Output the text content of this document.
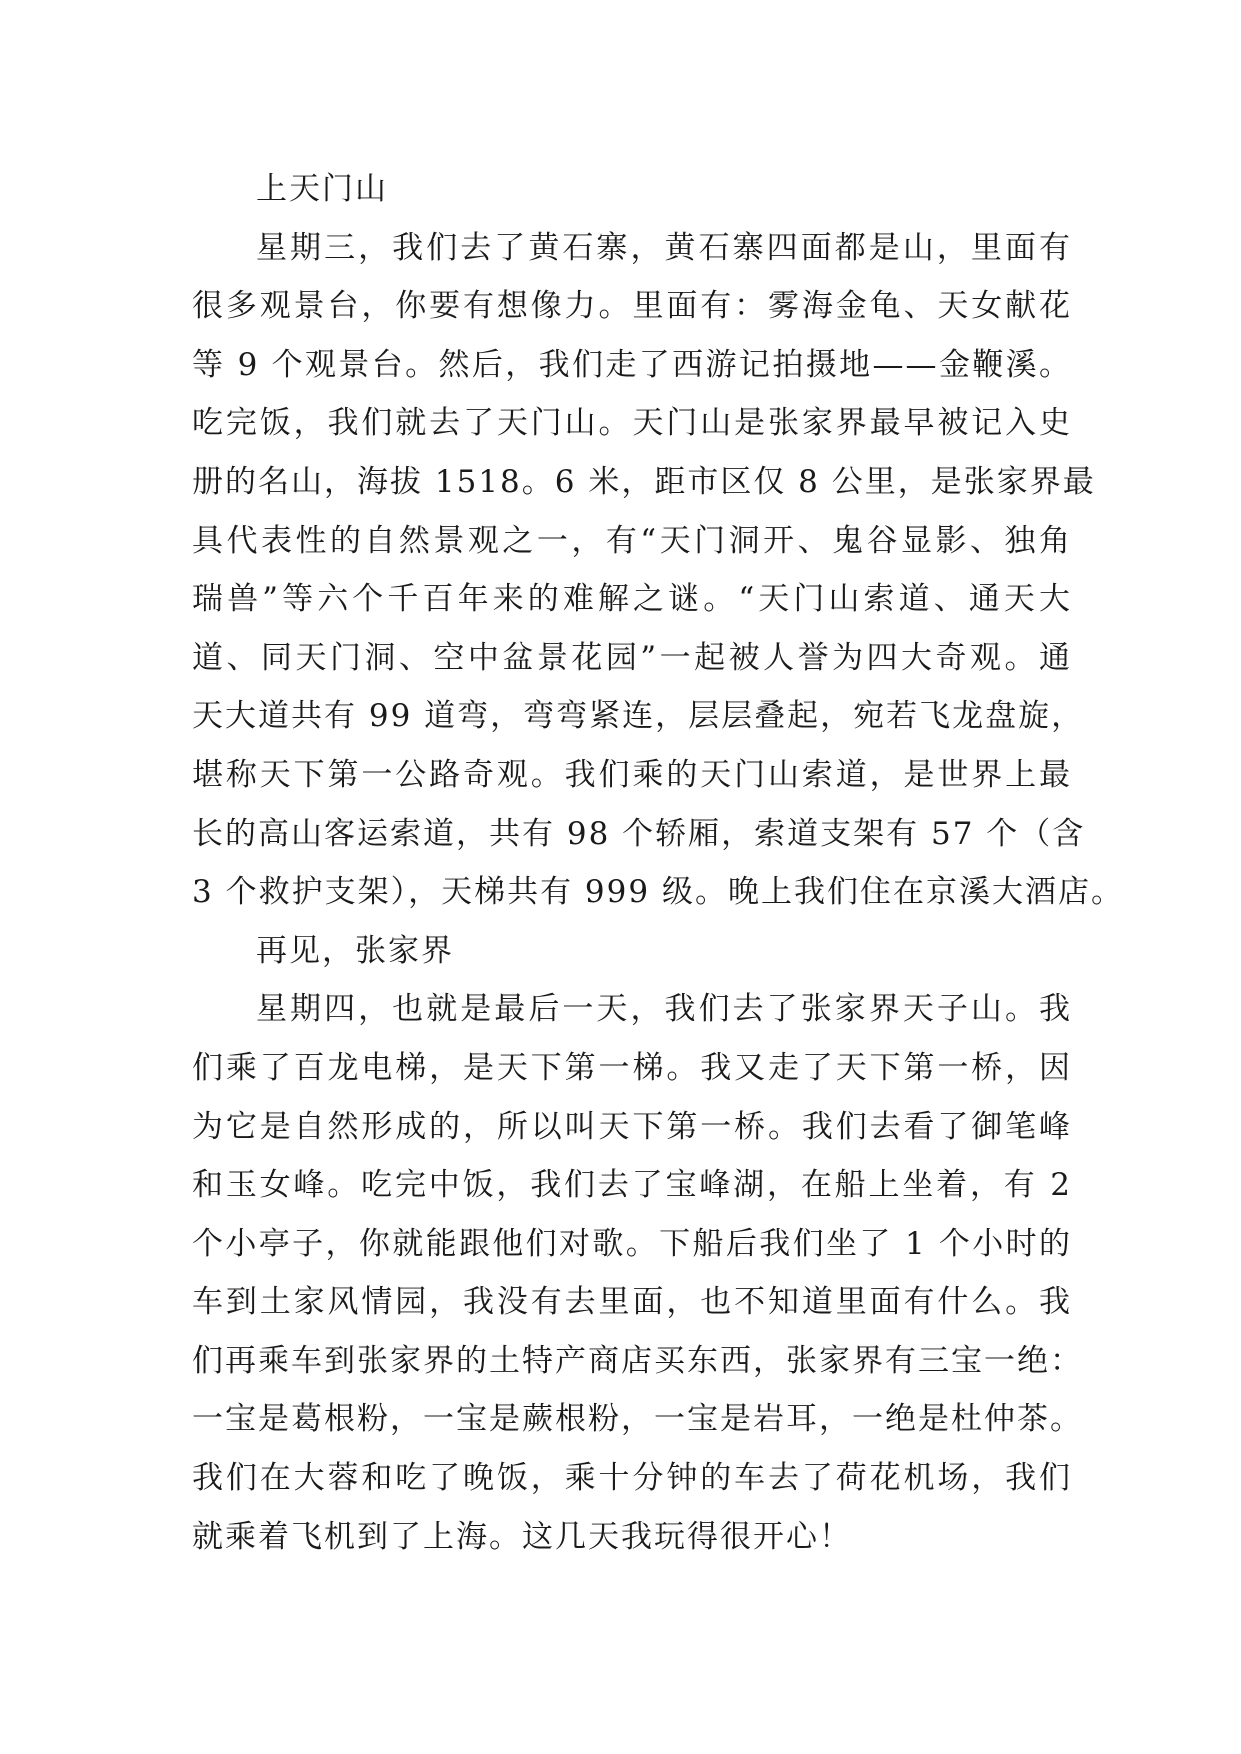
上天门山
星期三，我们去了黄石寨，黄石寨四面都是山，里面有
很多观景台，你要有想像力。里面有：雾海金龟、天女献花
等 9 个观景台。然后，我们走了西游记拍摄地——金鞭溪。
吃完饭，我们就去了天门山。天门山是张家界最早被记入史
册的名山，海拔 1518。6 米，距市区仅 8 公里，是张家界最
具代表性的自然景观之一，有“天门洞开、鬼谷显影、独角
瑞兽”等六个千百年来的难解之谜。“天门山索道、通天大
道、同天门洞、空中盆景花园”一起被人誉为四大奇观。通
天大道共有 99 道弯，弯弯紧连，层层叠起，宛若飞龙盘旋，
堪称天下第一公路奇观。我们乘的天门山索道，是世界上最
长的高山客运索道，共有 98 个轿厢，索道支架有 57 个（含
3 个救护支架），天梯共有 999 级。晚上我们住在京溪大酒店。
再见，张家界
星期四，也就是最后一天，我们去了张家界天子山。我
们乘了百龙电梯，是天下第一梯。我又走了天下第一桥，因
为它是自然形成的，所以叫天下第一桥。我们去看了御笔峰
和玉女峰。吃完中饭，我们去了宝峰湖，在船上坐着，有 2
个小亭子，你就能跟他们对歌。下船后我们坐了 1 个小时的
车到土家风情园，我没有去里面，也不知道里面有什么。我
们再乘车到张家界的土特产商店买东西，张家界有三宝一绝：
一宝是葛根粉，一宝是蕨根粉，一宝是岩耳，一绝是杜仲茶。
我们在大蓉和吃了晚饭，乘十分钟的车去了荷花机场，我们
就乘着飞机到了上海。这几天我玩得很开心！
